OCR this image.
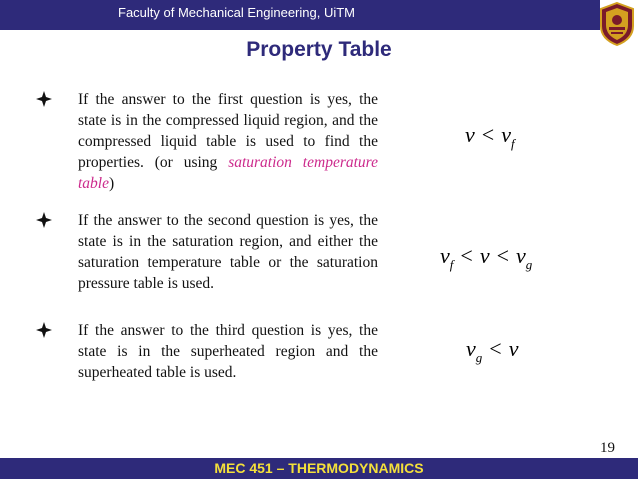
Faculty of Mechanical Engineering, UiTM
Property Table
If the answer to the first question is yes, the state is in the compressed liquid region, and the compressed liquid table is used to find the properties. (or using saturation temperature table)
If the answer to the second question is yes, the state is in the saturation region, and either the saturation temperature table or the saturation pressure table is used.
If the answer to the third question is yes, the state is in the superheated region and the superheated table is used.
$v < v_f$
$v_f < v < v_g$
$v_g < v$
19
MEC 451 – THERMODYNAMICS
